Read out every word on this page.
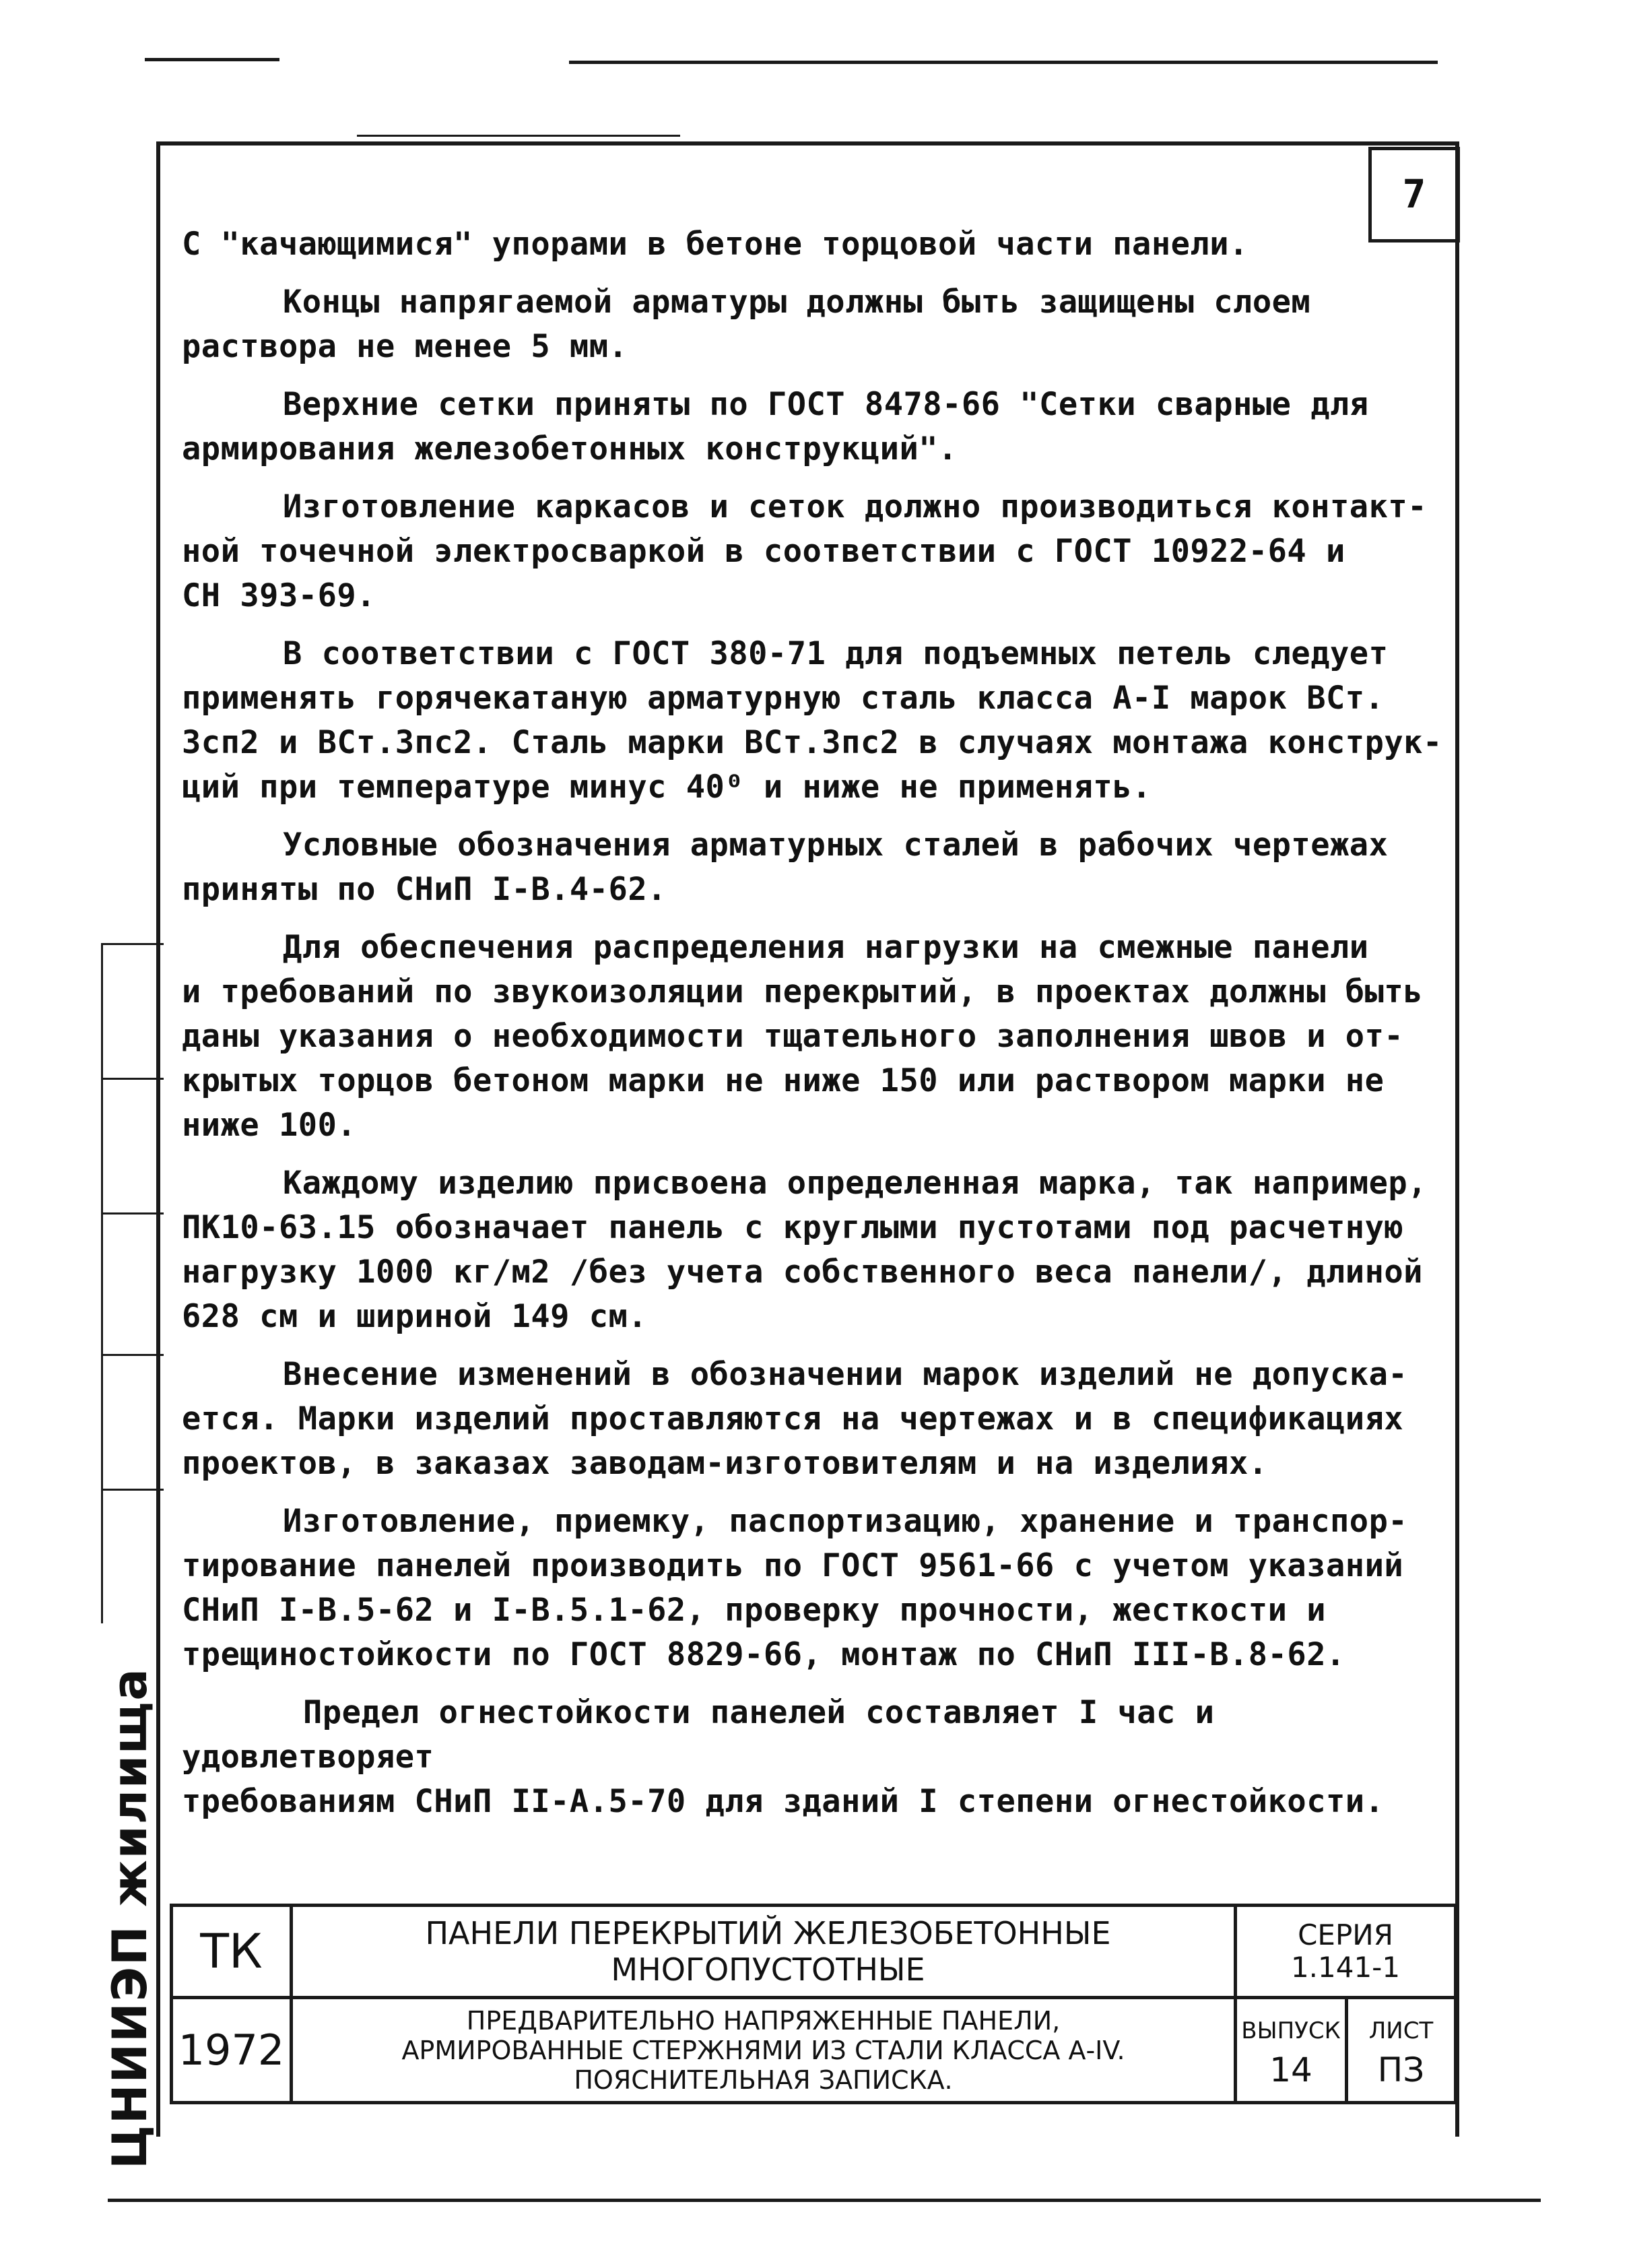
7

С "качающимися" упорами в бетоне торцовой части панели.

Концы напрягаемой арматуры должны быть защищены слоем
раствора не менее 5 мм.

Верхние сетки приняты по ГОСТ 8478-66 "Сетки сварные для
армирования железобетонных конструкций".

Изготовление каркасов и сеток должно производиться контакт-
ной точечной электросваркой в соответствии с ГОСТ 10922-64 и
СН 393-69.

В соответствии с ГОСТ 380-71 для подъемных петель следует
применять горячекатаную арматурную сталь класса А-I марок ВСт.
Зсп2 и ВСт.Зпс2. Сталь марки ВСт.Зпс2 в случаях монтажа конструк-
ций при температуре минус 40⁰ и ниже не применять.

Условные обозначения арматурных сталей в рабочих чертежах
приняты по СНиП I-В.4-62.

Для обеспечения распределения нагрузки на смежные панели
и требований по звукоизоляции перекрытий, в проектах должны быть
даны указания о необходимости тщательного заполнения швов и от-
крытых торцов бетоном марки не ниже 150 или раствором марки не
ниже 100.

Каждому изделию присвоена определенная марка, так например,
ПК10-63.15 обозначает панель с круглыми пустотами под расчетную
нагрузку 1000 кг/м2 /без учета собственного веса панели/, длиной
628 см и шириной 149 см.

Внесение изменений в обозначении марок изделий не допуска-
ется. Марки изделий проставляются на чертежах и в спецификациях
проектов, в заказах заводам-изготовителям и на изделиях.

Изготовление, приемку, паспортизацию, хранение и транспор-
тирование панелей производить по ГОСТ 9561-66 с учетом указаний
СНиП I-В.5-62 и I-В.5.1-62, проверку прочности, жесткости и
трещиностойкости по ГОСТ 8829-66, монтаж по СНиП III-В.8-62.

Предел огнестойкости панелей составляет I час и удовлетворяет
требованиям СНиП II-А.5-70 для зданий I степени огнестойкости.

ЦНИИЭП жилища ТК	ПАНЕЛИ ПЕРЕКРЫТИЙ ЖЕЛЕЗОБЕТОННЫЕ МНОГОПУСТОТНЫЕ
СЕРИЯ
1.141-1
1972
ПРЕДВАРИТЕЛЬНО НАПРЯЖЕННЫЕ ПАНЕЛИ,
АРМИРОВАННЫЕ СТЕРЖНЯМИ ИЗ СТАЛИ КЛАССА А-IV.
ПОЯСНИТЕЛЬНАЯ ЗАПИСКА.
ВЫПУСК
14
ЛИСТ
ПЗ
